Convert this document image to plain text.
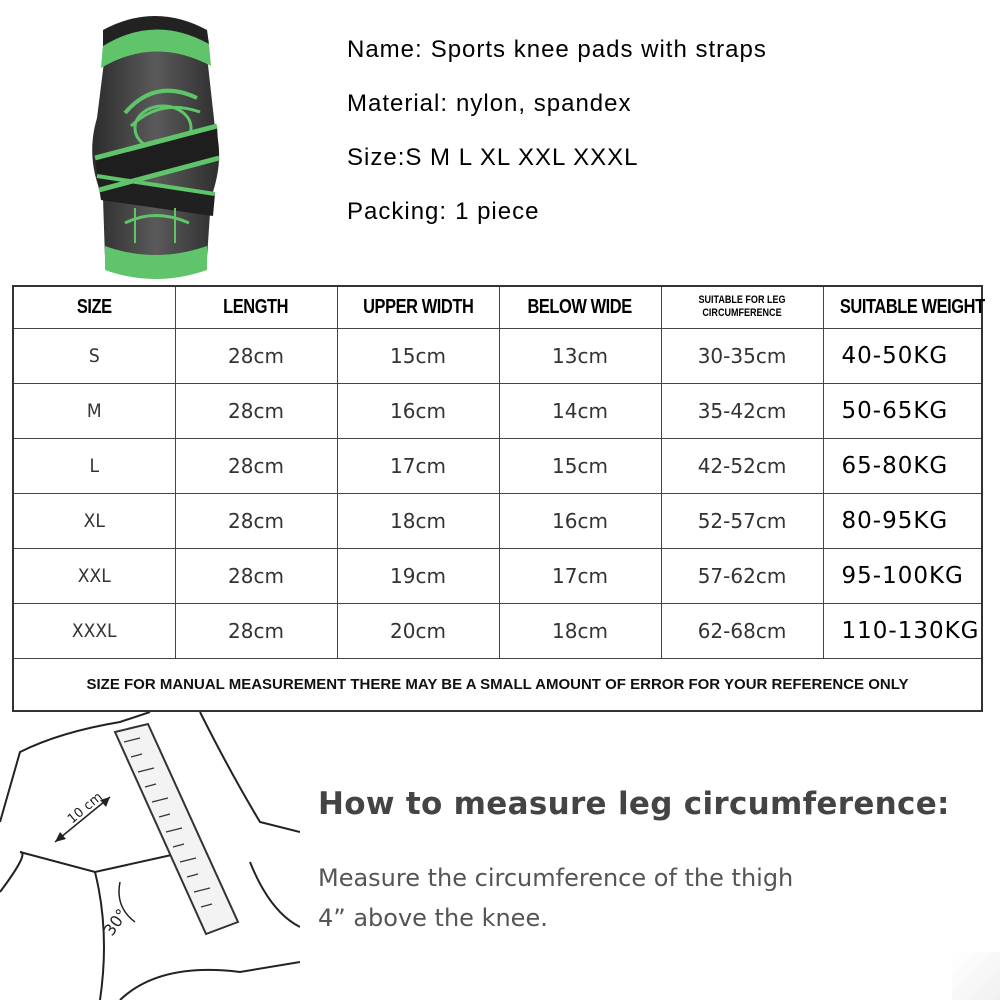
Name: Sports knee pads with straps
Material: nylon, spandex
Size:S M L XL XXL XXXL
Packing: 1 piece
SIZE	LENGTH	UPPER WIDTH	BELOW WIDE	SUITABLE FOR LEG CIRCUMFERENCE	SUITABLE WEIGHT
S	28cm	15cm	13cm	30-35cm	40-50KG
M	28cm	16cm	14cm	35-42cm	50-65KG
L	28cm	17cm	15cm	42-52cm	65-80KG
XL	28cm	18cm	16cm	52-57cm	80-95KG
XXL	28cm	19cm	17cm	57-62cm	95-100KG
XXXL	28cm	20cm	18cm	62-68cm	110-130KG
SIZE FOR MANUAL MEASUREMENT THERE MAY BE A SMALL AMOUNT OF ERROR FOR YOUR REFERENCE ONLY					
10 cm
30°
How to measure leg circumference:
Measure the circumference of the thigh 4” above the knee.
